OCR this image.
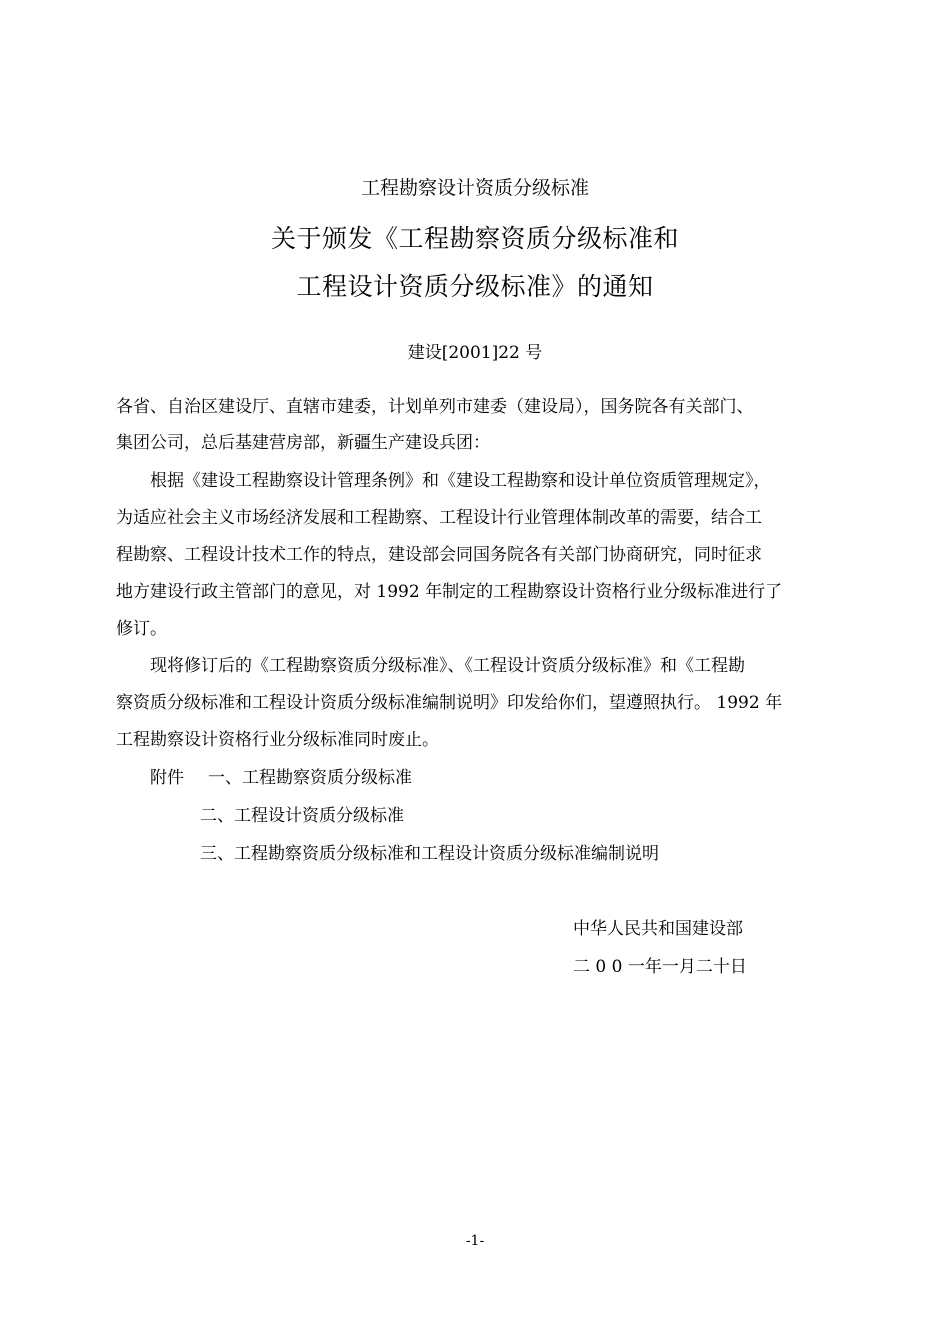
工程勘察设计资质分级标准
关于颁发《工程勘察资质分级标准和
工程设计资质分级标准》的通知
建设[2001]22 号
各省、自治区建设厅、直辖市建委，计划单列市建委（建设局），国务院各有关部门、
集团公司，总后基建营房部，新疆生产建设兵团：
根据《建设工程勘察设计管理条例》和《建设工程勘察和设计单位资质管理规定》，
为适应社会主义市场经济发展和工程勘察、工程设计行业管理体制改革的需要，结合工
程勘察、工程设计技术工作的特点，建设部会同国务院各有关部门协商研究，同时征求
地方建设行政主管部门的意见，对 1992 年制定的工程勘察设计资格行业分级标准进行了
修订。
现将修订后的《工程勘察资质分级标准》、《工程设计资质分级标准》和《工程勘
察资质分级标准和工程设计资质分级标准编制说明》印发给你们，望遵照执行。 1992 年
工程勘察设计资格行业分级标准同时废止。
附件 一、工程勘察资质分级标准
二、工程设计资质分级标准
三、工程勘察资质分级标准和工程设计资质分级标准编制说明
中华人民共和国建设部
二 0 0 一年一月二十日
-1-
